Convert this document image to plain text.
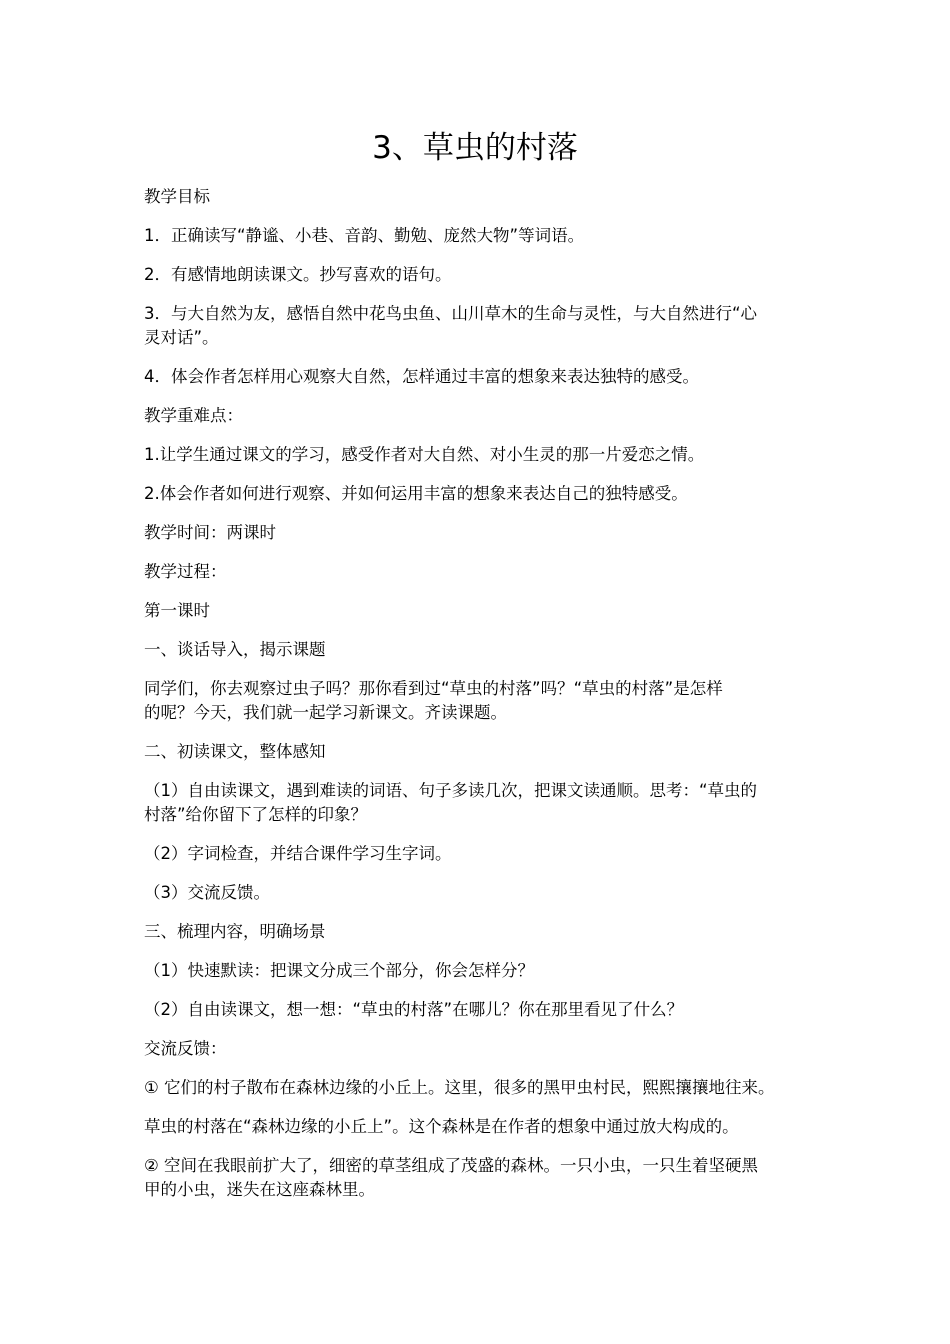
3、草虫的村落

教学目标

1．正确读写“静谧、小巷、音韵、勤勉、庞然大物”等词语。

2．有感情地朗读课文。抄写喜欢的语句。

3．与大自然为友，感悟自然中花鸟虫鱼、山川草木的生命与灵性，与大自然进行“心

灵对话”。

4．体会作者怎样用心观察大自然，怎样通过丰富的想象来表达独特的感受。

教学重难点：

1.让学生通过课文的学习，感受作者对大自然、对小生灵的那一片爱恋之情。

2.体会作者如何进行观察、并如何运用丰富的想象来表达自己的独特感受。

教学时间：两课时

教学过程：

第一课时

一、谈话导入，揭示课题

同学们，你去观察过虫子吗？那你看到过“草虫的村落”吗？“草虫的村落”是怎样

的呢？今天，我们就一起学习新课文。齐读课题。

二、初读课文，整体感知

（1）自由读课文，遇到难读的词语、句子多读几次，把课文读通顺。思考：“草虫的

村落”给你留下了怎样的印象？

（2）字词检查，并结合课件学习生字词。

（3）交流反馈。

三、梳理内容，明确场景

（1）快速默读：把课文分成三个部分，你会怎样分？

（2）自由读课文，想一想：“草虫的村落”在哪儿？你在那里看见了什么？

交流反馈：

① 它们的村子散布在森林边缘的小丘上。这里，很多的黑甲虫村民，熙熙攘攘地往来。

草虫的村落在“森林边缘的小丘上”。这个森林是在作者的想象中通过放大构成的。

② 空间在我眼前扩大了，细密的草茎组成了茂盛的森林。一只小虫，一只生着坚硬黑

甲的小虫，迷失在这座森林里。
